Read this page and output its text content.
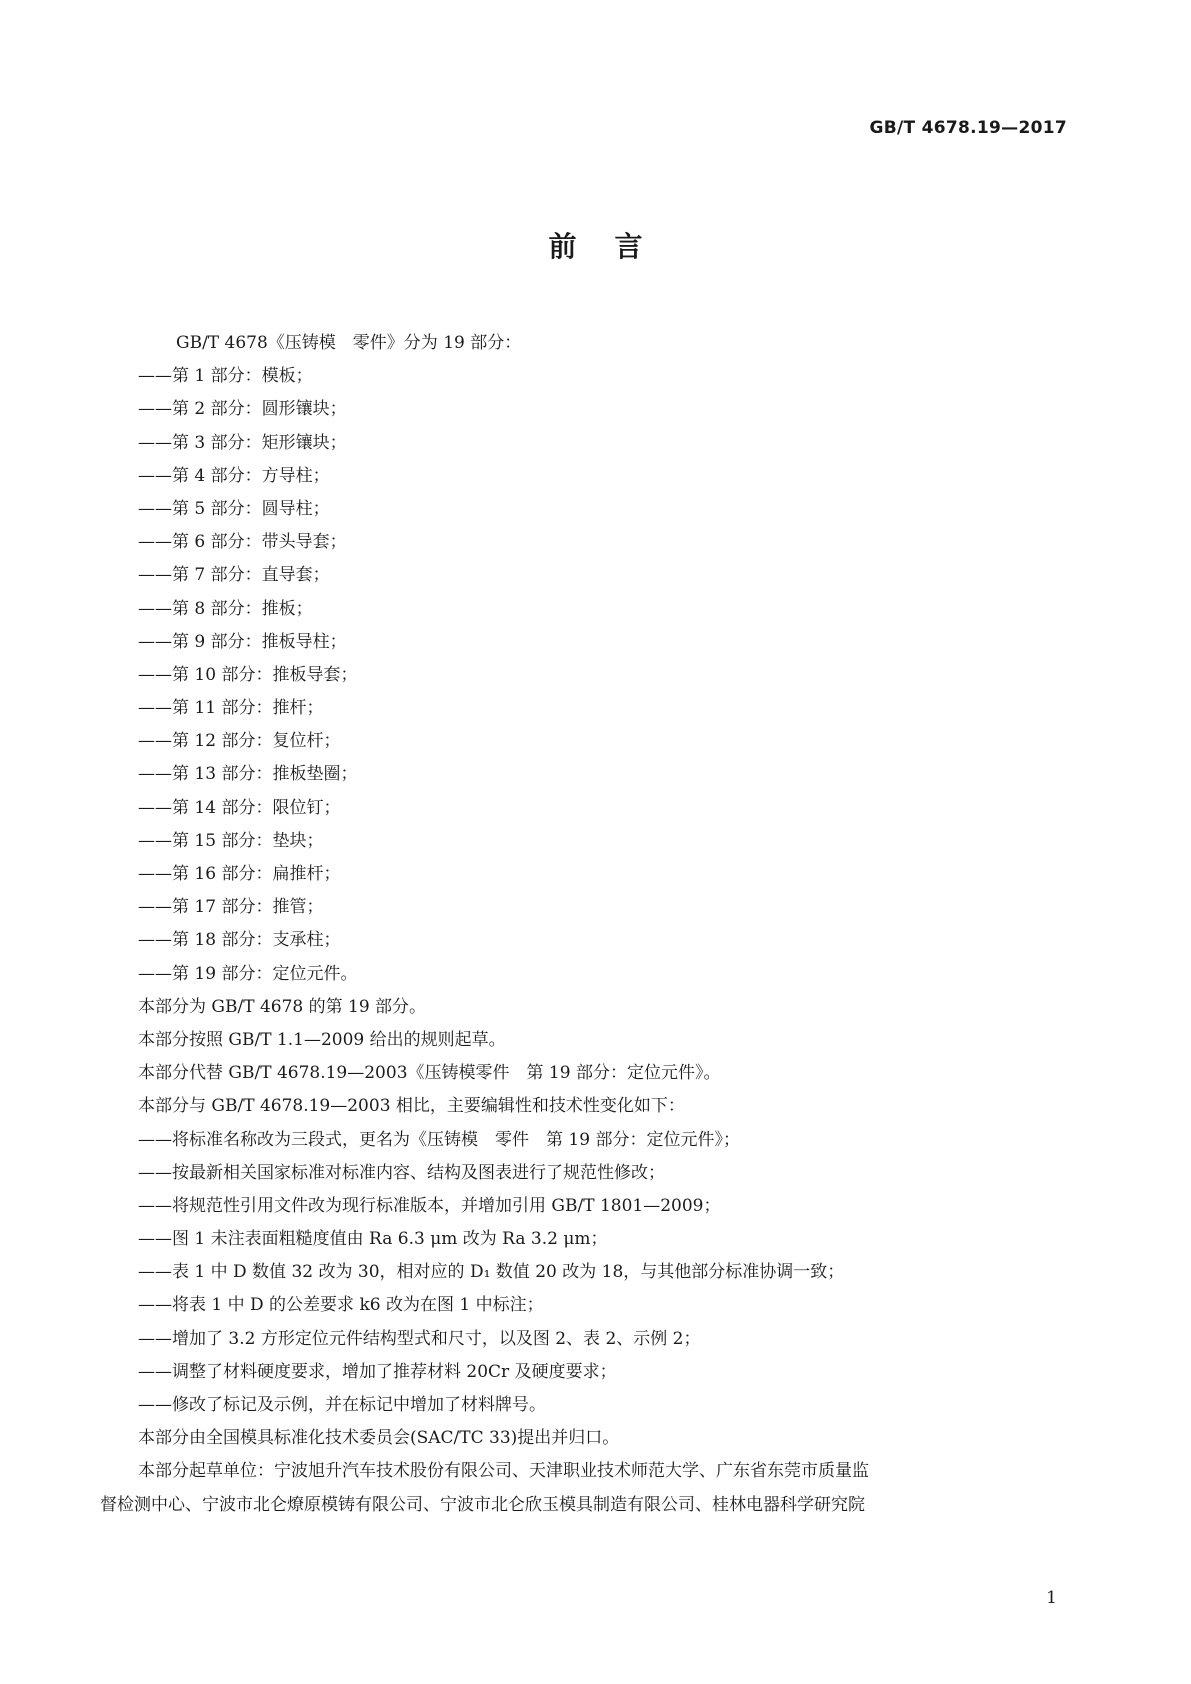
GB/T 4678.19—2017
前言
GB/T 4678《压铸模　零件》分为 19 部分：
——第 1 部分：模板；
——第 2 部分：圆形镶块；
——第 3 部分：矩形镶块；
——第 4 部分：方导柱；
——第 5 部分：圆导柱；
——第 6 部分：带头导套；
——第 7 部分：直导套；
——第 8 部分：推板；
——第 9 部分：推板导柱；
——第 10 部分：推板导套；
——第 11 部分：推杆；
——第 12 部分：复位杆；
——第 13 部分：推板垫圈；
——第 14 部分：限位钉；
——第 15 部分：垫块；
——第 16 部分：扁推杆；
——第 17 部分：推管；
——第 18 部分：支承柱；
——第 19 部分：定位元件。
本部分为 GB/T 4678 的第 19 部分。
本部分按照 GB/T 1.1—2009 给出的规则起草。
本部分代替 GB/T 4678.19—2003《压铸模零件　第 19 部分：定位元件》。
本部分与 GB/T 4678.19—2003 相比，主要编辑性和技术性变化如下：
——将标准名称改为三段式，更名为《压铸模　零件　第 19 部分：定位元件》；
——按最新相关国家标准对标准内容、结构及图表进行了规范性修改；
——将规范性引用文件改为现行标准版本，并增加引用 GB/T 1801—2009；
——图 1 未注表面粗糙度值由 Ra 6.3 μm 改为 Ra 3.2 μm；
——表 1 中 D 数值 32 改为 30，相对应的 D₁ 数值 20 改为 18，与其他部分标准协调一致；
——将表 1 中 D 的公差要求 k6 改为在图 1 中标注；
——增加了 3.2 方形定位元件结构型式和尺寸，以及图 2、表 2、示例 2；
——调整了材料硬度要求，增加了推荐材料 20Cr 及硬度要求；
——修改了标记及示例，并在标记中增加了材料牌号。
本部分由全国模具标准化技术委员会(SAC/TC 33)提出并归口。
本部分起草单位：宁波旭升汽车技术股份有限公司、天津职业技术师范大学、广东省东莞市质量监
督检测中心、宁波市北仑燎原模铸有限公司、宁波市北仑欣玉模具制造有限公司、桂林电器科学研究院
1
